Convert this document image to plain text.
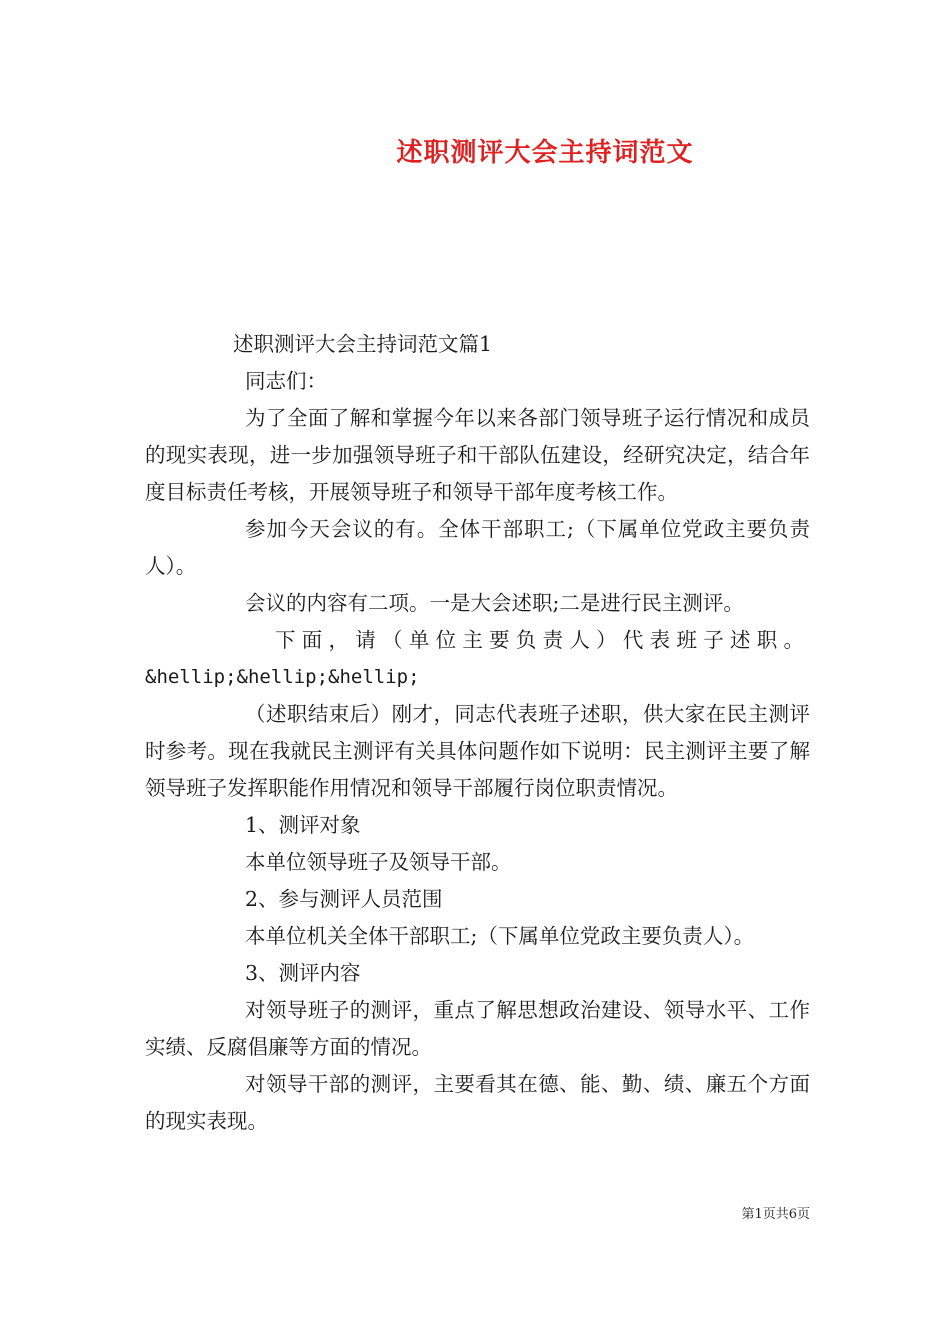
述职测评大会主持词范文

述职测评大会主持词范文篇1

同志们：

为了全面了解和掌握今年以来各部门领导班子运行情况和成员的现实表现，进一步加强领导班子和干部队伍建设，经研究决定，结合年度目标责任考核，开展领导班子和领导干部年度考核工作。

参加今天会议的有。全体干部职工;（下属单位党政主要负责人）。

会议的内容有二项。一是大会述职;二是进行民主测评。

下面，请（单位主要负责人）代表班子述职。

&hellip;&hellip;&hellip;

（述职结束后）刚才，同志代表班子述职，供大家在民主测评时参考。现在我就民主测评有关具体问题作如下说明：民主测评主要了解领导班子发挥职能作用情况和领导干部履行岗位职责情况。

1、测评对象

本单位领导班子及领导干部。

2、参与测评人员范围

本单位机关全体干部职工;（下属单位党政主要负责人）。

3、测评内容

对领导班子的测评，重点了解思想政治建设、领导水平、工作实绩、反腐倡廉等方面的情况。

对领导干部的测评，主要看其在德、能、勤、绩、廉五个方面的现实表现。

第1页共6页
